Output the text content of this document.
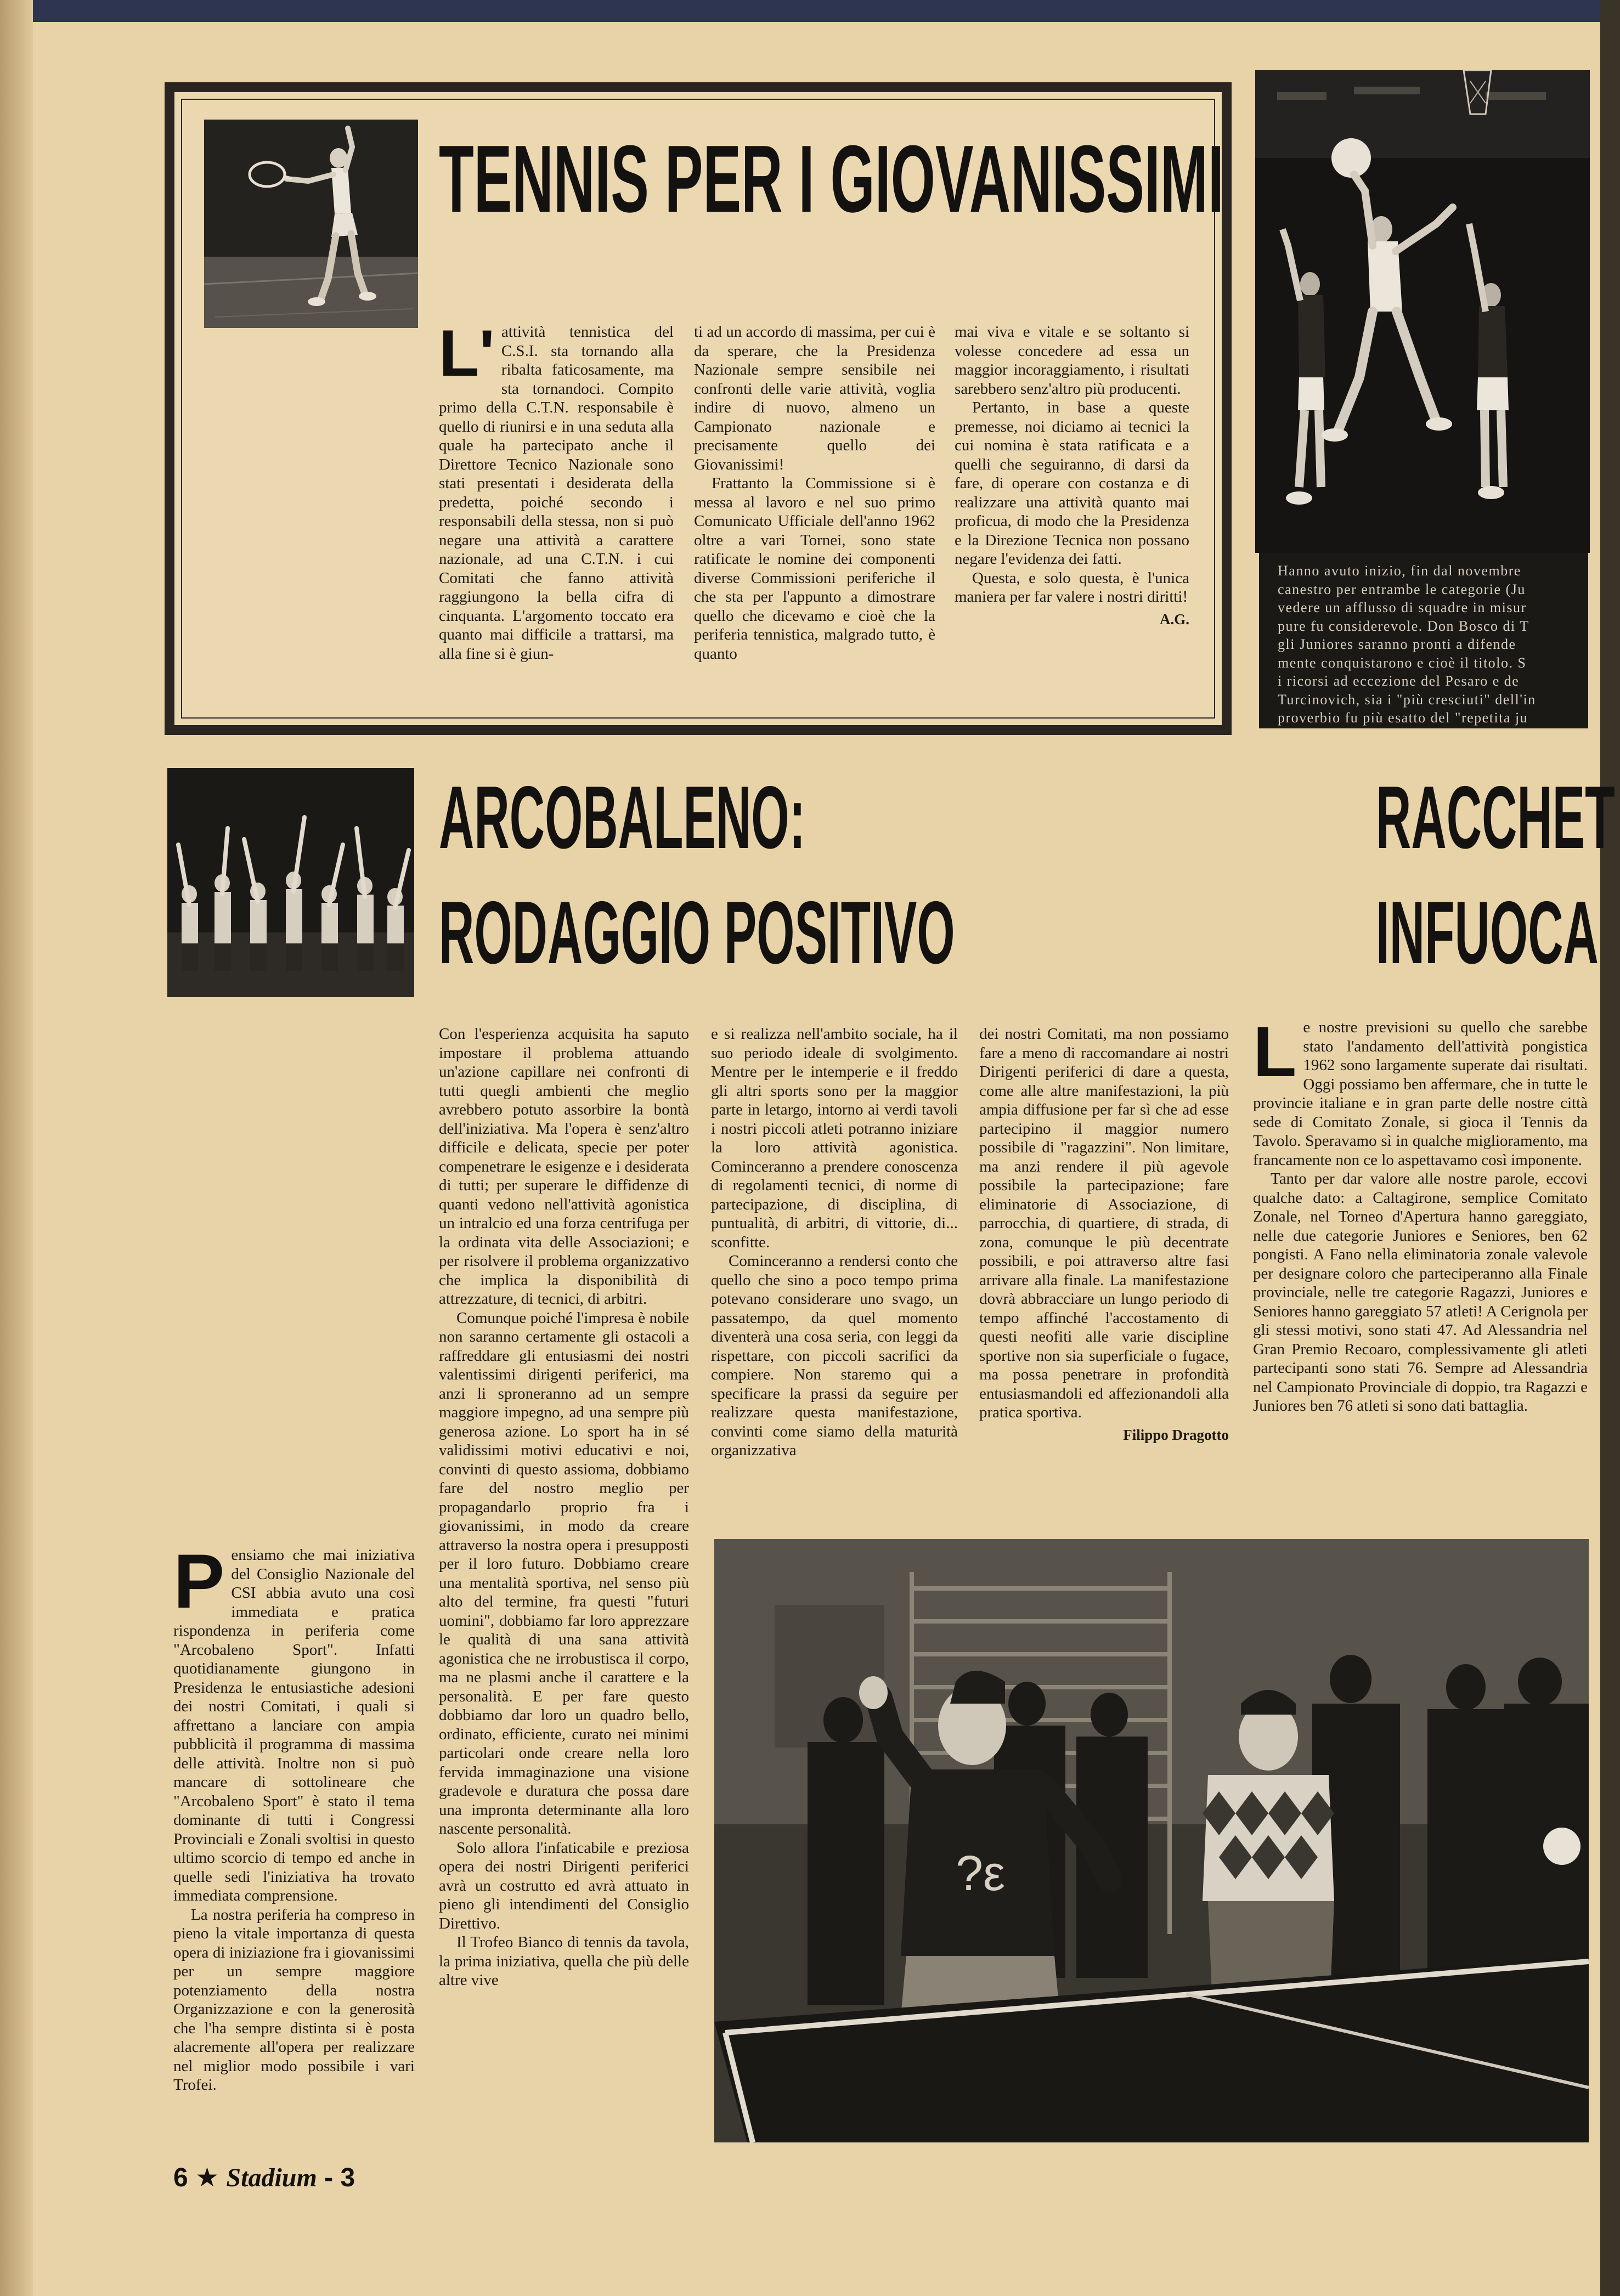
TENNIS PER I GIOVANISSIMI
L' attività tennistica del C.S.I. sta tornando alla ribalta faticosamente, ma sta tornandoci. Compito primo della C.T.N. responsabile è quello di riunirsi e in una seduta alla quale ha partecipato anche il Direttore Tecnico Nazionale sono stati presentati i desiderata della predetta, poiché secondo i responsabili della stessa, non si può negare una attività a carattere nazionale, ad una C.T.N. i cui Comitati che fanno attività raggiungono la bella cifra di cinquanta. L'argomento toccato era quanto mai difficile a trattarsi, ma alla fine si è giun-

ti ad un accordo di massima, per cui è da sperare, che la Presidenza Nazionale sempre sensibile nei confronti delle varie attività, voglia indire di nuovo, almeno un Campionato nazionale e precisamente quello dei Giovanissimi!

Frattanto la Commissione si è messa al lavoro e nel suo primo Comunicato Ufficiale dell'anno 1962 oltre a vari Tornei, sono state ratificate le nomine dei componenti diverse Commissioni periferiche il che sta per l'appunto a dimostrare quello che dicevamo e cioè che la periferia tennistica, malgrado tutto, è quanto

mai viva e vitale e se soltanto si volesse concedere ad essa un maggior incoraggiamento, i risultati sarebbero senz'altro più producenti.

Pertanto, in base a queste premesse, noi diciamo ai tecnici la cui nomina è stata ratificata e a quelli che seguiranno, di darsi da fare, di operare con costanza e di realizzare una attività quanto mai proficua, di modo che la Presidenza e la Direzione Tecnica non possano negare l'evidenza dei fatti.

Questa, e solo questa, è l'unica maniera per far valere i nostri diritti!

A.G.
Hanno avuto inizio, fin dal novembre
canestro per entrambe le categorie (Ju
vedere un afflusso di squadre in misur
pure fu considerevole. Don Bosco di T
gli Juniores saranno pronti a difende
mente conquistarono e cioè il titolo. S
i ricorsi ad eccezione del Pesaro e de
Turcinovich, sia i "più cresciuti" dell'in
proverbio fu più esatto del "repetita ju
ARCOBALENO:
RODAGGIO POSITIVO
P ensiamo che mai iniziativa del Consiglio Nazionale del CSI abbia avuto una così immediata e pratica rispondenza in periferia come "Arcobaleno Sport". Infatti quotidianamente giungono in Presidenza le entusiastiche adesioni dei nostri Comitati, i quali si affrettano a lanciare con ampia pubblicità il programma di massima delle attività. Inoltre non si può mancare di sottolineare che "Arcobaleno Sport" è stato il tema dominante di tutti i Congressi Provinciali e Zonali svoltisi in questo ultimo scorcio di tempo ed anche in quelle sedi l'iniziativa ha trovato immediata comprensione.

La nostra periferia ha compreso in pieno la vitale importanza di questa opera di iniziazione fra i giovanissimi per un sempre maggiore potenziamento della nostra Organizzazione e con la generosità che l'ha sempre distinta si è posta alacremente all'opera per realizzare nel miglior modo possibile i vari Trofei.

Con l'esperienza acquisita ha saputo impostare il problema attuando un'azione capillare nei confronti di tutti quegli ambienti che meglio avrebbero potuto assorbire la bontà dell'iniziativa. Ma l'opera è senz'altro difficile e delicata, specie per poter compenetrare le esigenze e i desiderata di tutti; per superare le diffidenze di quanti vedono nell'attività agonistica un intralcio ed una forza centrifuga per la ordinata vita delle Associazioni; e per risolvere il problema organizzativo che implica la disponibilità di attrezzature, di tecnici, di arbitri.

Comunque poiché l'impresa è nobile non saranno certamente gli ostacoli a raffreddare gli entusiasmi dei nostri valentissimi dirigenti periferici, ma anzi li sproneranno ad un sempre maggiore impegno, ad una sempre più generosa azione. Lo sport ha in sé validissimi motivi educativi e noi, convinti di questo assioma, dobbiamo fare del nostro meglio per propagandarlo proprio fra i giovanissimi, in modo da creare attraverso la nostra opera i presupposti per il loro futuro. Dobbiamo creare una mentalità sportiva, nel senso più alto del termine, fra questi "futuri uomini", dobbiamo far loro apprezzare le qualità di una sana attività agonistica che ne irrobustisca il corpo, ma ne plasmi anche il carattere e la personalità. E per fare questo dobbiamo dar loro un quadro bello, ordinato, efficiente, curato nei minimi particolari onde creare nella loro fervida immaginazione una visione gradevole e duratura che possa dare una impronta determinante alla loro nascente personalità.

Solo allora l'infaticabile e preziosa opera dei nostri Dirigenti periferici avrà un costrutto ed avrà attuato in pieno gli intendimenti del Consiglio Direttivo.

Il Trofeo Bianco di tennis da tavola, la prima iniziativa, quella che più delle altre vive

e si realizza nell'ambito sociale, ha il suo periodo ideale di svolgimento. Mentre per le intemperie e il freddo gli altri sports sono per la maggior parte in letargo, intorno ai verdi tavoli i nostri piccoli atleti potranno iniziare la loro attività agonistica. Cominceranno a prendere conoscenza di regolamenti tecnici, di norme di partecipazione, di disciplina, di puntualità, di arbitri, di vittorie, di... sconfitte.

Cominceranno a rendersi conto che quello che sino a poco tempo prima potevano considerare uno svago, un passatempo, da quel momento diventerà una cosa seria, con leggi da rispettare, con piccoli sacrifici da compiere. Non staremo qui a specificare la prassi da seguire per realizzare questa manifestazione, convinti come siamo della maturità organizzativa

dei nostri Comitati, ma non possiamo fare a meno di raccomandare ai nostri Dirigenti periferici di dare a questa, come alle altre manifestazioni, la più ampia diffusione per far sì che ad esse partecipino il maggior numero possibile di "ragazzini". Non limitare, ma anzi rendere il più agevole possibile la partecipazione; fare eliminatorie di Associazione, di parrocchia, di quartiere, di strada, di zona, comunque le più decentrate possibili, e poi attraverso altre fasi arrivare alla finale. La manifestazione dovrà abbracciare un lungo periodo di tempo affinché l'accostamento di questi neofiti alle varie discipline sportive non sia superficiale o fugace, ma possa penetrare in profondità entusiasmandoli ed affezionandoli alla pratica sportiva.

Filippo Dragotto
RACCHET
INFUOCA
L e nostre previsioni su quello che sarebbe stato l'andamento dell'attività pongistica 1962 sono largamente superate dai risultati. Oggi possiamo ben affermare, che in tutte le provincie italiane e in gran parte delle nostre città sede di Comitato Zonale, si gioca il Tennis da Tavolo. Speravamo sì in qualche miglioramento, ma francamente non ce lo aspettavamo così imponente.

Tanto per dar valore alle nostre parole, eccovi qualche dato: a Caltagirone, semplice Comitato Zonale, nel Torneo d'Apertura hanno gareggiato, nelle due categorie Juniores e Seniores, ben 62 pongisti. A Fano nella eliminatoria zonale valevole per designare coloro che parteciperanno alla Finale provinciale, nelle tre categorie Ragazzi, Juniores e Seniores hanno gareggiato 57 atleti! A Cerignola per gli stessi motivi, sono stati 47. Ad Alessandria nel Gran Premio Recoaro, complessivamente gli atleti partecipanti sono stati 76. Sempre ad Alessandria nel Campionato Provinciale di doppio, tra Ragazzi e Juniores ben 76 atleti si sono dati battaglia.

?ε
6 ★ Stadium - 3
